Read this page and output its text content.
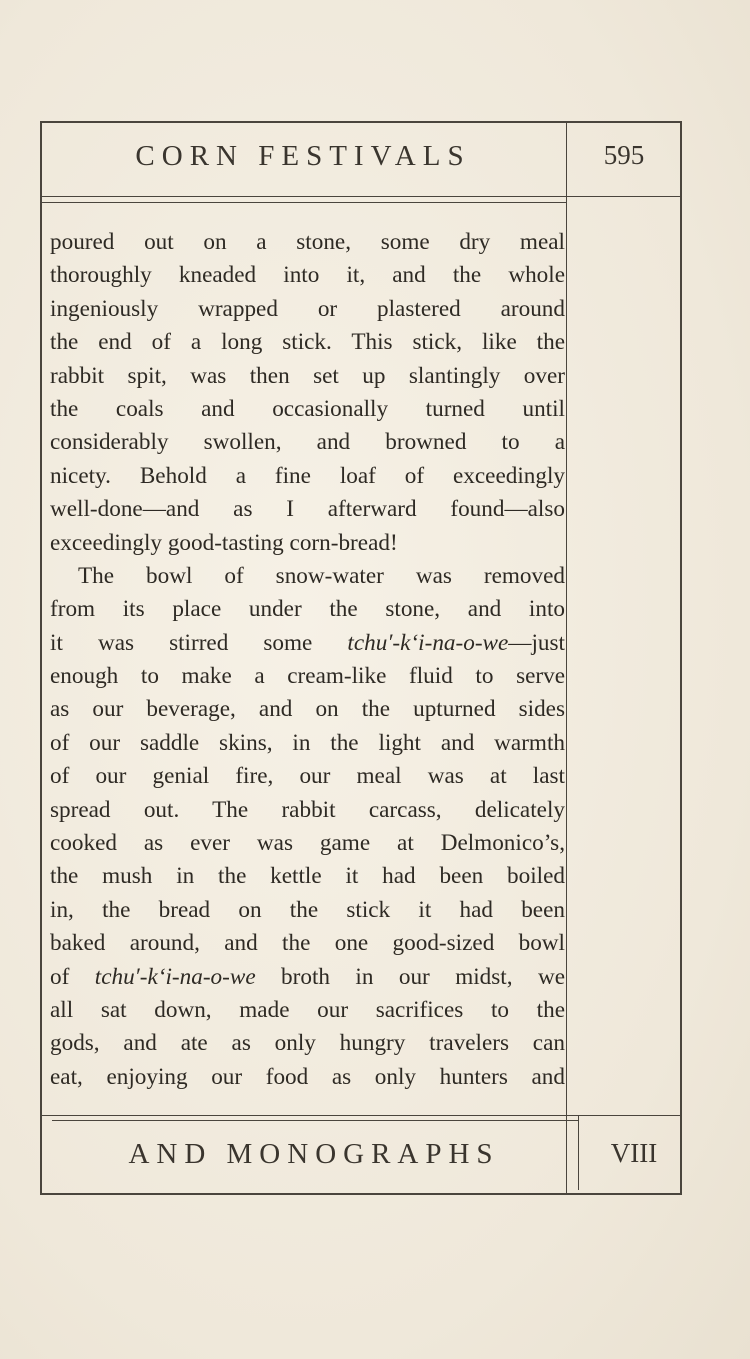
CORN FESTIVALS	595
poured out on a stone, some dry meal
thoroughly kneaded into it, and the whole
ingeniously wrapped or plastered around
the end of a long stick. This stick, like the
rabbit spit, was then set up slantingly over
the coals and occasionally turned until
considerably swollen, and browned to a
nicety. Behold a fine loaf of exceedingly
well-done—and as I afterward found—also
exceedingly good-tasting corn-bread!
The bowl of snow-water was removed
from its place under the stone, and into
it was stirred some tchu′-k‘i-na-o-we—just
enough to make a cream-like fluid to serve
as our beverage, and on the upturned sides
of our saddle skins, in the light and warmth
of our genial fire, our meal was at last
spread out. The rabbit carcass, delicately
cooked as ever was game at Delmonico’s,
the mush in the kettle it had been boiled
in, the bread on the stick it had been
baked around, and the one good-sized bowl
of tchu′-k‘i-na-o-we broth in our midst, we
all sat down, made our sacrifices to the
gods, and ate as only hungry travelers can
eat, enjoying our food as only hunters and
AND MONOGRAPHS	VIII
